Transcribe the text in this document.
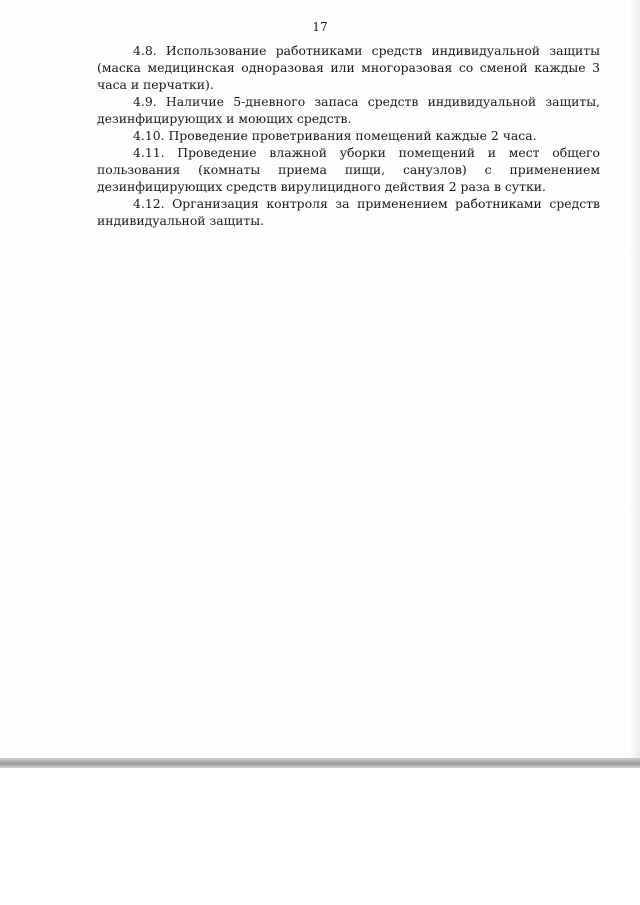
17

4.8. Использование работниками средств индивидуальной защиты (маска медицинская одноразовая или многоразовая со сменой каждые 3 часа и перчатки).

4.9. Наличие 5-дневного запаса средств индивидуальной защиты, дезинфицирующих и моющих средств.

4.10. Проведение проветривания помещений каждые 2 часа.

4.11. Проведение влажной уборки помещений и мест общего пользования (комнаты приема пищи, санузлов) с применением дезинфицирующих средств вирулицидного действия 2 раза в сутки.

4.12. Организация контроля за применением работниками средств индивидуальной защиты.
